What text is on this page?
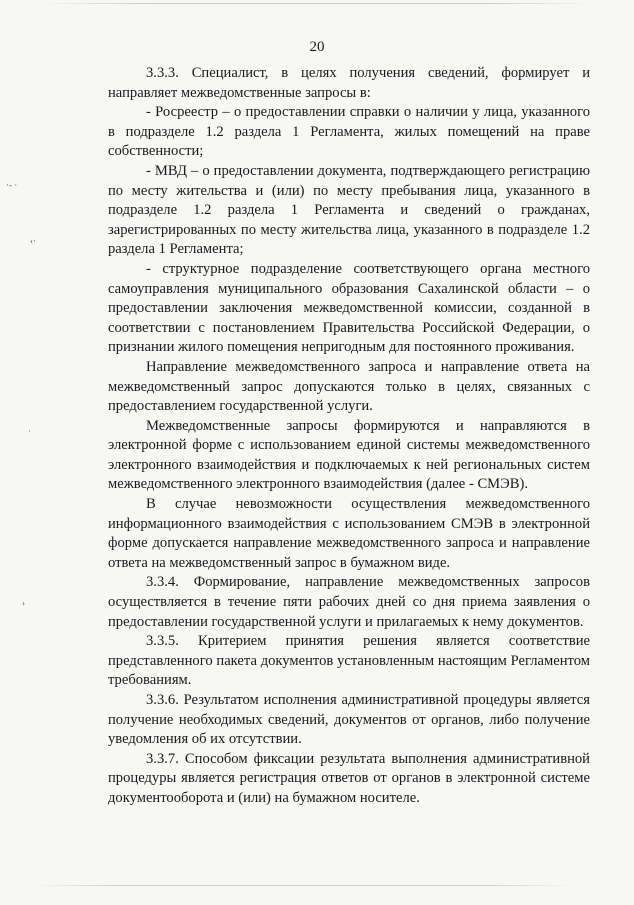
·- ·
‹·
·
›
20

3.3.3. Специалист, в целях получения сведений, формирует и направляет межведомственные запросы в:

- Росреестр – о предоставлении справки о наличии у лица, указанного в подразделе 1.2 раздела 1 Регламента, жилых помещений на праве собственности;

- МВД – о предоставлении документа, подтверждающего регистрацию по месту жительства и (или) по месту пребывания лица, указанного в подразделе 1.2 раздела 1 Регламента и сведений о гражданах, зарегистрированных по месту жительства лица, указанного в подразделе 1.2 раздела 1 Регламента;

- структурное подразделение соответствующего органа местного самоуправления муниципального образования Сахалинской области – о предоставлении заключения межведомственной комиссии, созданной в соответствии с постановлением Правительства Российской Федерации, о признании жилого помещения непригодным для постоянного проживания.

Направление межведомственного запроса и направление ответа на межведомственный запрос допускаются только в целях, связанных с предоставлением государственной услуги.

Межведомственные запросы формируются и направляются в электронной форме с использованием единой системы межведомственного электронного взаимодействия и подключаемых к ней региональных систем межведомственного электронного взаимодействия (далее - СМЭВ).

В случае невозможности осуществления межведомственного информационного взаимодействия с использованием СМЭВ в электронной форме допускается направление межведомственного запроса и направление ответа на межведомственный запрос в бумажном виде.

3.3.4. Формирование, направление межведомственных запросов осуществляется в течение пяти рабочих дней со дня приема заявления о предоставлении государственной услуги и прилагаемых к нему документов.

3.3.5. Критерием принятия решения является соответствие представленного пакета документов установленным настоящим Регламентом требованиям.

3.3.6. Результатом исполнения административной процедуры является получение необходимых сведений, документов от органов, либо получение уведомления об их отсутствии.

3.3.7. Способом фиксации результата выполнения административной процедуры является регистрация ответов от органов в электронной системе документооборота и (или) на бумажном носителе.
